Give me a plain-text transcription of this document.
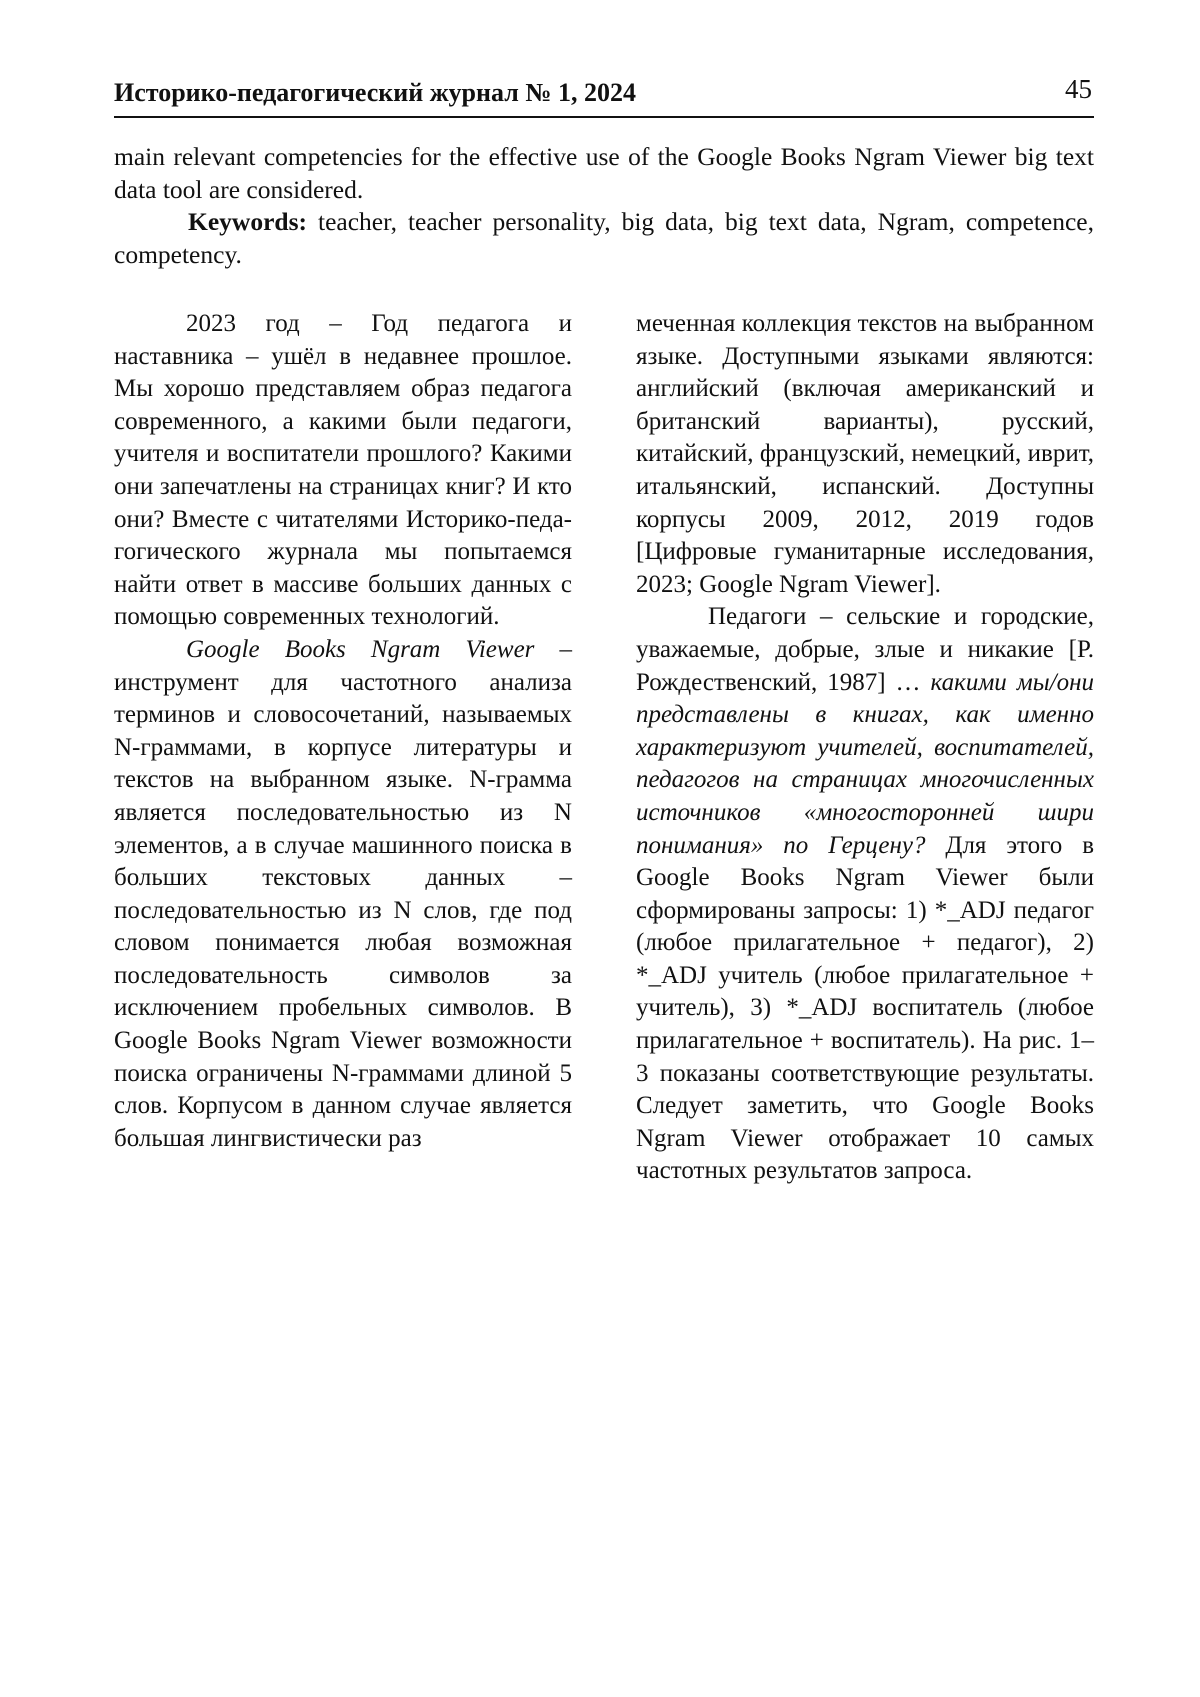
Историко-педагогический журнал № 1, 2024	45

main relevant competencies for the effective use of the Google Books Ngram Viewer big text data tool are considered.

Keywords: teacher, teacher personality, big data, big text data, Ngram, competence, competency.

2023 год – Год педагога и наставника – ушёл в недавнее прошлое. Мы хорошо представляем образ педагога современного, а какими были педагоги, учителя и воспитатели прошлого? Какими они запечатлены на страницах книг? И кто они? Вместе с читателями Историко-педагогического журнала мы попытаемся найти ответ в массиве больших данных с помощью современных технологий.

Google Books Ngram Viewer – инструмент для частотного анализа терминов и словосочетаний, называемых N-граммами, в корпусе литературы и текстов на выбранном языке. N-грамма является последовательностью из N элементов, а в случае машинного поиска в больших текстовых данных – последовательностью из N слов, где под словом понимается любая возможная последовательность символов за исключением пробельных символов. В Google Books Ngram Viewer возможности поиска ограничены N-граммами длиной 5 слов. Корпусом в данном случае является большая лингвистически раз

меченная коллекция текстов на выбранном языке. Доступными языками являются: английский (включая американский и британский варианты), русский, китайский, французский, немецкий, иврит, итальянский, испанский. Доступны корпусы 2009, 2012, 2019 годов [Цифровые гуманитарные исследования, 2023; Google Ngram Viewer].

Педагоги – сельские и городские, уважаемые, добрые, злые и никакие [Р. Рождественский, 1987] … какими мы/они представлены в книгах, как именно характеризуют учителей, воспитателей, педагогов на страницах многочисленных источников «многосторонней шири понимания» по Герцену? Для этого в Google Books Ngram Viewer были сформированы запросы: 1) *_ADJ педагог (любое прилагательное + педагог), 2) *_ADJ учитель (любое прилагательное + учитель), 3) *_ADJ воспитатель (любое прилагательное + воспитатель). На рис. 1–3 показаны соответствующие результаты. Следует заметить, что Google Books Ngram Viewer отображает 10 самых частотных результатов запроса.
